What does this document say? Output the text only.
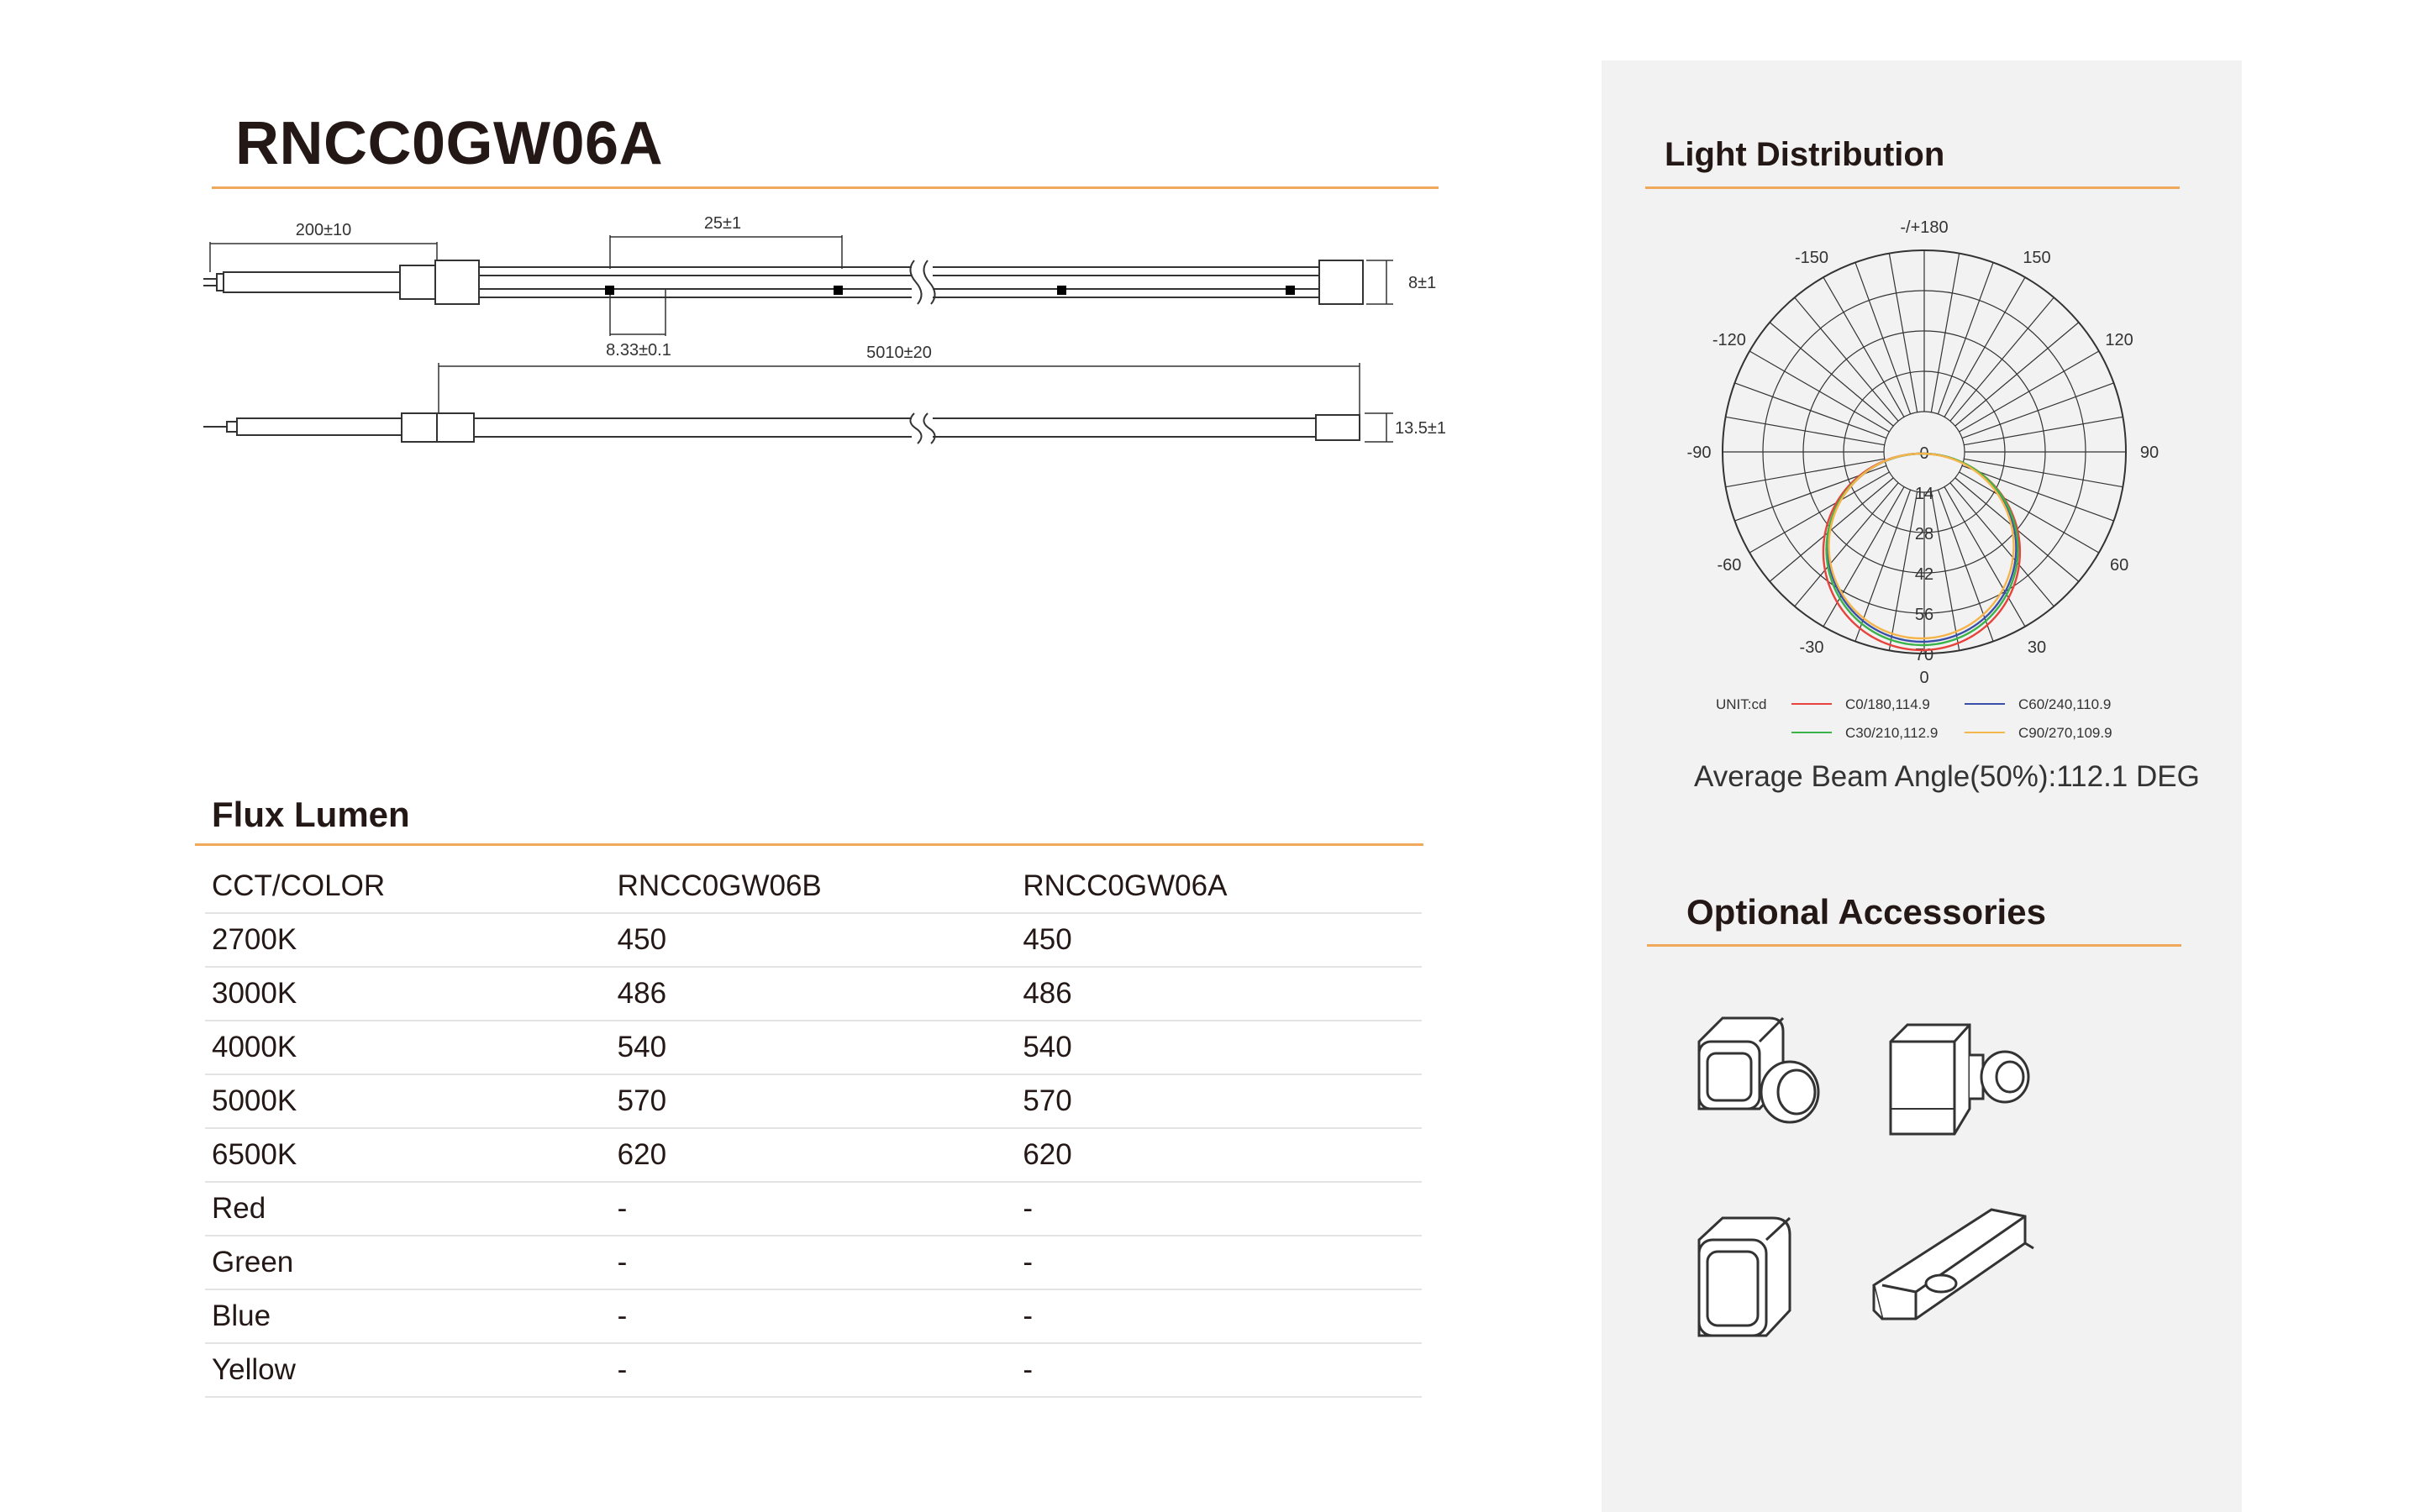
RNCC0GW06A
200±10	25±1
8.33±0.1	5010±20
8±1
13.5±1
Flux Lumen
CCT/COLOR	RNCC0GW06B	RNCC0GW06A
2700K	450	450
3000K	486	486
4000K	540	540
5000K	570	570
6500K	620	620
Red	-	-
Green	-	-
Blue	-	-
Yellow	-	-
Light Distribution
-/+180
150
120
90
60
30
0
-30
-60
-90
-120
-150
0
14
28
42
56
70
UNIT:cd	C0/180,114.9	C60/240,110.9
C30/210,112.9	C90/270,109.9
Average Beam Angle(50%):112.1 DEG
Optional Accessories
